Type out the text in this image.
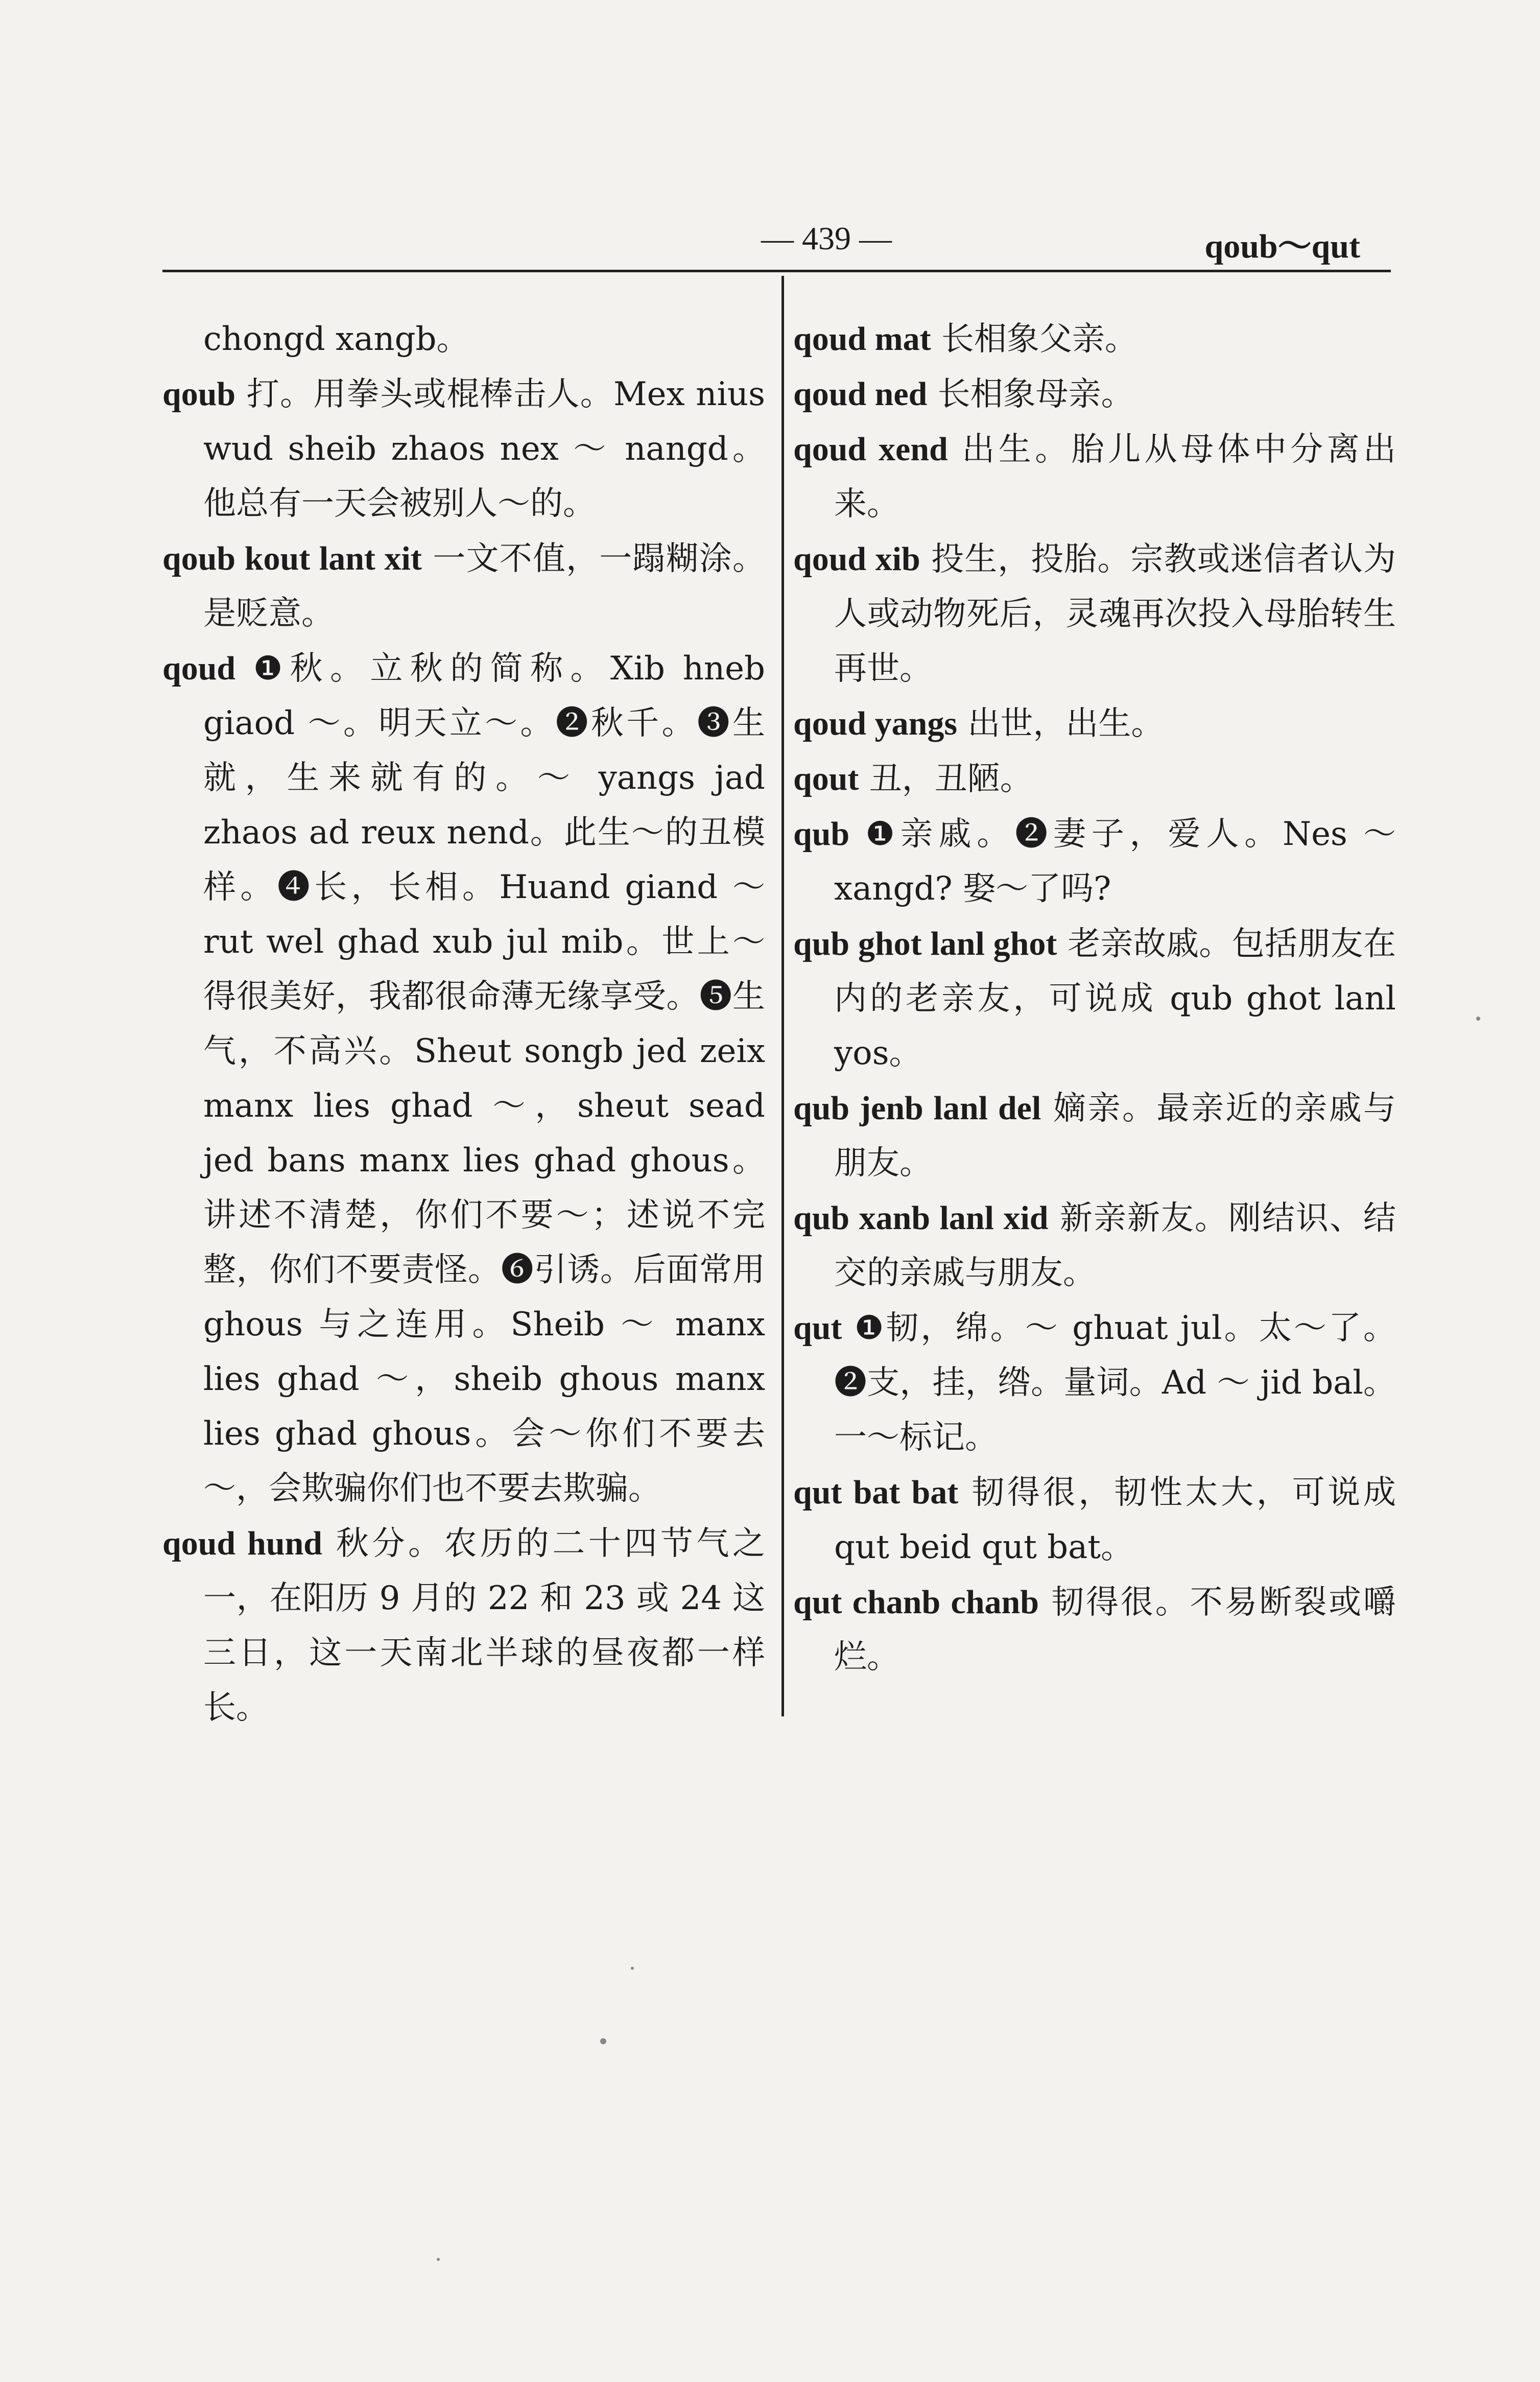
— 439 —	qoub～qut

chongd xangb。

qoub 打。用拳头或棍棒击人。Mex nius wud sheib zhaos nex ～ nangd。他总有一天会被别人～的。

qoub kout lant xit 一文不值，一蹋糊涂。是贬意。

qoud ❶秋。立秋的简称。Xib hneb giaod ～。明天立～。❷秋千。❸生就，生来就有的。～ yangs jad zhaos ad reux nend。此生～的丑模样。❹长，长相。Huand giand ～ rut wel ghad xub jul mib。世上～得很美好，我都很命薄无缘享受。❺生气，不高兴。Sheut songb jed zeix manx lies ghad ～，sheut sead jed bans manx lies ghad ghous。讲述不清楚，你们不要～；述说不完整，你们不要责怪。❻引诱。后面常用 ghous 与之连用。Sheib ～ manx lies ghad ～，sheib ghous manx lies ghad ghous。会～你们不要去～，会欺骗你们也不要去欺骗。

qoud hund 秋分。农历的二十四节气之一，在阳历 9 月的 22 和 23 或 24 这三日，这一天南北半球的昼夜都一样长。

qoud mat 长相象父亲。

qoud ned 长相象母亲。

qoud xend 出生。胎儿从母体中分离出来。

qoud xib 投生，投胎。宗教或迷信者认为人或动物死后，灵魂再次投入母胎转生再世。

qoud yangs 出世，出生。

qout 丑，丑陋。

qub ❶亲戚。❷妻子，爱人。Nes ～ xangd? 娶～了吗?

qub ghot lanl ghot 老亲故戚。包括朋友在内的老亲友，可说成 qub ghot lanl yos。

qub jenb lanl del 嫡亲。最亲近的亲戚与朋友。

qub xanb lanl xid 新亲新友。刚结识、结交的亲戚与朋友。

qut ❶韧，绵。～ ghuat jul。太～了。❷支，挂，绺。量词。Ad ～ jid bal。一～标记。

qut bat bat 韧得很，韧性太大，可说成 qut beid qut bat。

qut chanb chanb 韧得很。不易断裂或嚼烂。
